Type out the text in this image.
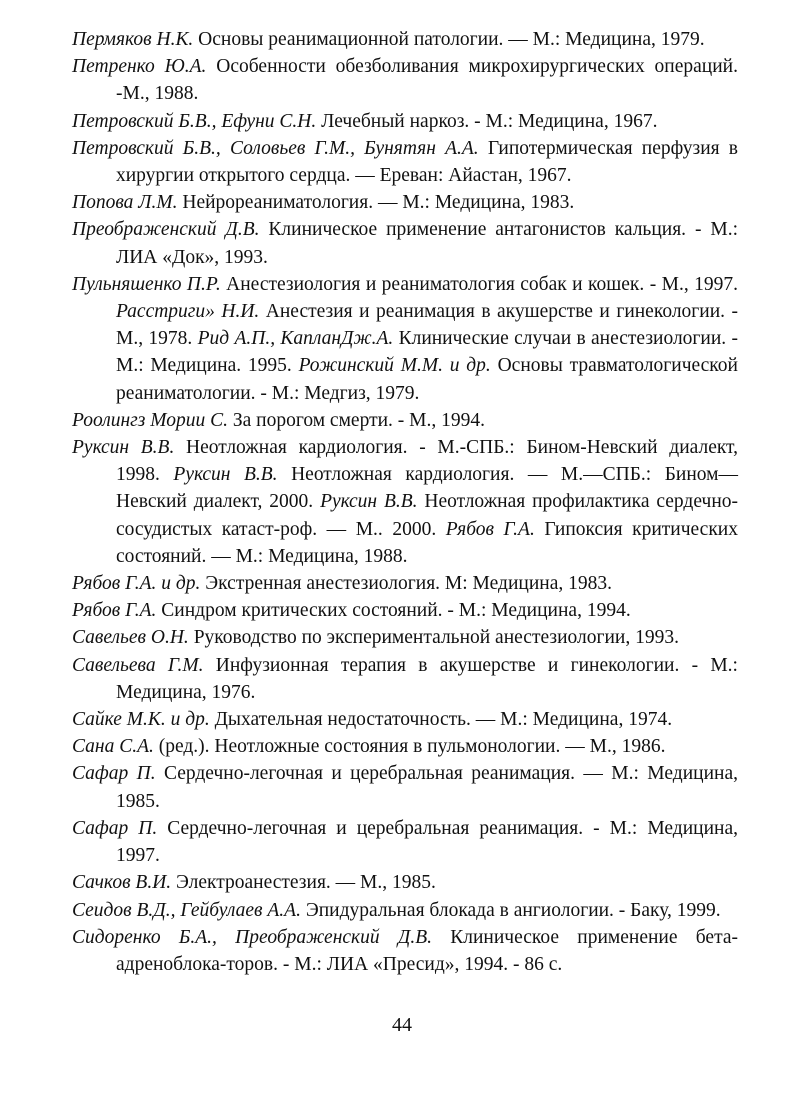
Пермяков Н.К. Основы реанимационной патологии. — М.: Медицина, 1979.

Петренко Ю.А. Особенности обезболивания микрохирургических операций. -М., 1988.

Петровский Б.В., Ефуни С.Н. Лечебный наркоз. - М.: Медицина, 1967.

Петровский Б.В., Соловьев Г.М., Бунятян А.А. Гипотермическая перфузия в хирургии открытого сердца. — Ереван: Айастан, 1967.

Попова Л.М. Нейрореаниматология. — М.: Медицина, 1983.

Преображенский Д.В. Клиническое применение антагонистов кальция. - М.: ЛИА «Док», 1993.

Пульняшенко П.Р. Анестезиология и реаниматология собак и кошек. - М., 1997. Расстриги» Н.И. Анестезия и реанимация в акушерстве и гинекологии. - М., 1978. Рид А.П., КапланДж.А. Клинические случаи в анестезиологии. - М.: Медицина. 1995. Рожинский М.М. и др. Основы травматологической реаниматологии. - М.: Медгиз, 1979.

Роолингз Мории С. За порогом смерти. - М., 1994.

Руксин В.В. Неотложная кардиология. - М.-СПБ.: Бином-Невский диалект, 1998. Руксин В.В. Неотложная кардиология. — М.—СПБ.: Бином—Невский диалект, 2000. Руксин В.В. Неотложная профилактика сердечно-сосудистых катаст-роф. — М.. 2000. Рябов Г.А. Гипоксия критических состояний. — М.: Медицина, 1988.

Рябов Г.А. и др. Экстренная анестезиология. М: Медицина, 1983.

Рябов Г.А. Синдром критических состояний. - М.: Медицина, 1994.

Савельев О.Н. Руководство по экспериментальной анестезиологии, 1993.

Савельева Г.М. Инфузионная терапия в акушерстве и гинекологии. - М.: Медицина, 1976.

Сайке М.К. и др. Дыхательная недостаточность. — М.: Медицина, 1974.

Сана С.А. (ред.). Неотложные состояния в пульмонологии. — М., 1986.

Сафар П. Сердечно-легочная и церебральная реанимация. — М.: Медицина, 1985.

Сафар П. Сердечно-легочная и церебральная реанимация. - М.: Медицина, 1997.

Сачков В.И. Электроанестезия. — М., 1985.

Сеидов В.Д., Гейбулаев А.А. Эпидуральная блокада в ангиологии. - Баку, 1999.

Сидоренко Б.А., Преображенский Д.В. Клиническое применение бета-адреноблока-торов. - М.: ЛИА «Пресид», 1994. - 86 с.

44
